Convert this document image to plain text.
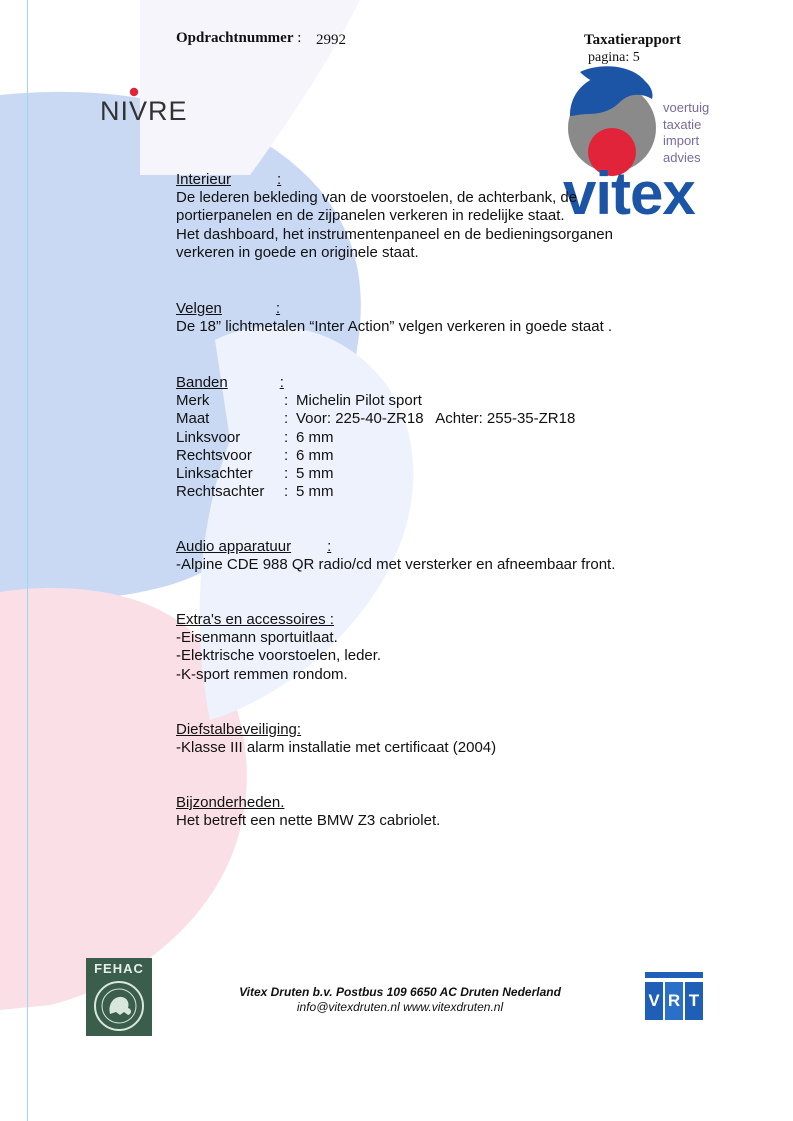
Opdrachtnummer : 2992	Taxatierapport
pagina: 5
NIVRE	voertuig
taxatie
import
advies
vitex
Interieur	:
De lederen bekleding van de voorstoelen, de achterbank, de
portierpanelen en de zijpanelen verkeren in redelijke staat.
Het dashboard, het instrumentenpaneel en de bedieningsorganen
verkeren in goede en originele staat.
Velgen	:
De 18” lichtmetalen “Inter Action” velgen verkeren in goede staat .
Banden	:
Merk	: Michelin Pilot sport
Maat	: Voor: 225-40-ZR18   Achter: 255-35-ZR18
Linksvoor	: 6 mm
Rechtsvoor	: 6 mm
Linksachter	: 5 mm
Rechtsachter	: 5 mm
Audio apparatuur :
-Alpine CDE 988 QR radio/cd met versterker en afneembaar front.
Extra's en accessoires :
-Eisenmann sportuitlaat.
-Elektrische voorstoelen, leder.
-K-sport remmen rondom.
Diefstalbeveiliging:
-Klasse III alarm installatie met certificaat (2004)
Bijzonderheden.
Het betreft een nette BMW Z3 cabriolet.
FEHAC
Vitex Druten b.v. Postbus 109 6650 AC Druten Nederland
info@vitexdruten.nl www.vitexdruten.nl	V R T
